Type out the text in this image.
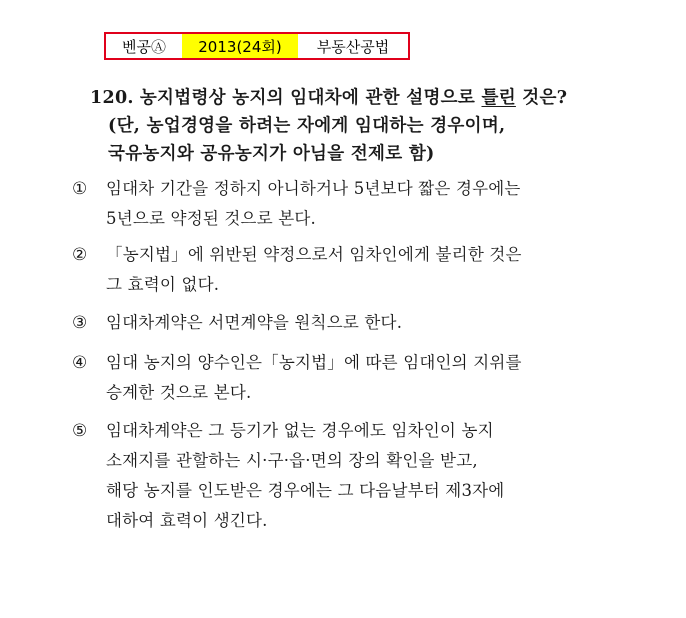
벤공Ⓐ	2013(24회)	부동산공법
120. 농지법령상 농지의 임대차에 관한 설명으로 틀린 것은?
(단, 농업경영을 하려는 자에게 임대하는 경우이며,
국유농지와 공유농지가 아님을 전제로 함)
①	임대차 기간을 정하지 아니하거나 5년보다 짧은 경우에는
5년으로 약정된 것으로 본다.
②	「농지법」에 위반된 약정으로서 임차인에게 불리한 것은
그 효력이 없다.
③	임대차계약은 서면계약을 원칙으로 한다.
④	임대 농지의 양수인은「농지법」에 따른 임대인의 지위를
승계한 것으로 본다.
⑤	임대차계약은 그 등기가 없는 경우에도 임차인이 농지
소재지를 관할하는 시·구·읍·면의 장의 확인을 받고,
해당 농지를 인도받은 경우에는 그 다음날부터 제3자에
대하여 효력이 생긴다.
